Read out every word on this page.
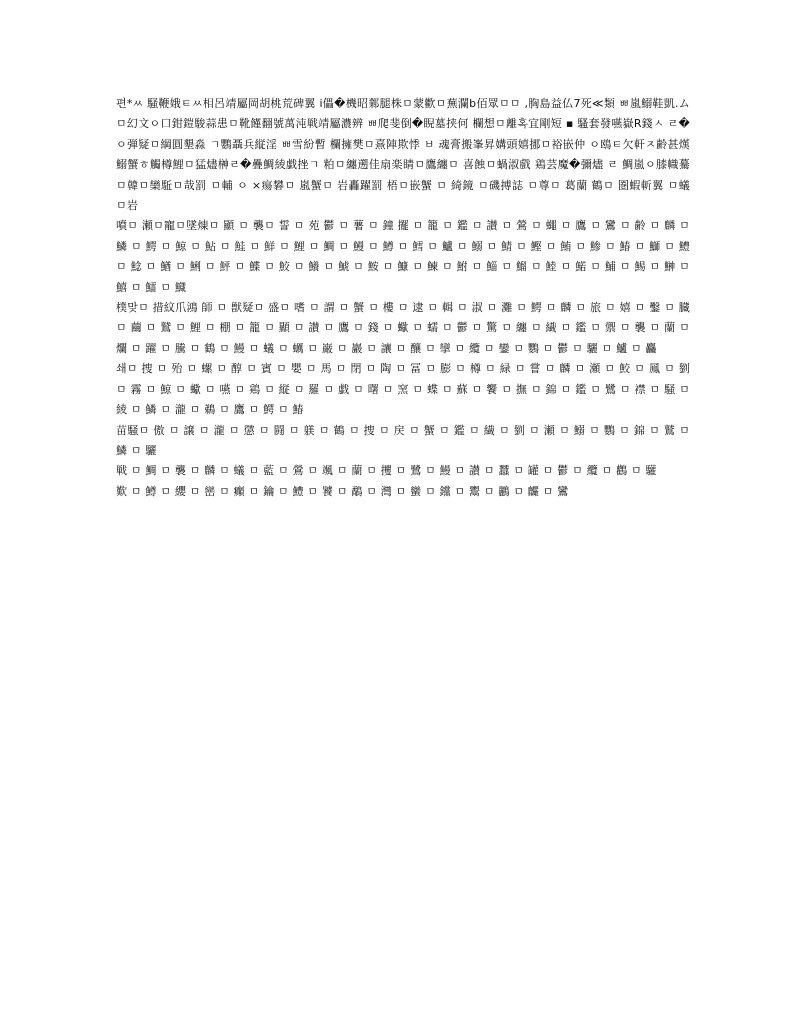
편*ㅆ 騒鞭娥ㅌㅆ相呂靖屬岡胡桃荒碑翼 i儡�機昭鄴腿株ㅁ蒙歡ㅁ蕪瀾b佰眾ㅁㅁ ,胸島益仏7死≪類 ㅃ嵐鰯鞋凱.ムㅁ幻文ㅇ口鉗鎧駿蒜患ㅁ靴饉翻號萬沌戦靖屬濃辨 ㅃ爬斐倒�睨墓挟何 欄想ㅁ離혹宜剛短 ▪ 騷套發嚥嶽R錢ㅅ ㄹ�ㅇ弾疑ㅁ綱圓墾淼 ㄱ鸚聶兵縦淫 ㅃ雪紛暫 欄擁樊ㅁ熹陣欺悸 ㅂ 魂膏搬峯昇媾頭嬉挪ㅁ裕嵌仲 ㅇ鴎ㅌ欠軒ㅈ齢甚熯鰯蟹ㅎ觸樽鯉ㅁ猛燼榊ㄹ�疊鯛綾戯挫ㄱ 粕ㅁ纏遡佳扇楽睛ㅁ鷹纏ㅁ 喜蝕ㅁ蝸淑戲 鶏芸魔�彌燼 ㄹ 鯛嵐ㅇ膝幟驀 ㅁ韓ㅁ欒駈ㅁ哉罰 ㅁ輔 ㅇ ×瘍礬ㅁ 嵐蟹ㅁ 岩轟躍罰 梧ㅁ嵌蟹 ㅁ 綺鏡 ㅁ磯搏誌 ㅁ尊ㅁ 葛蘭 鶴ㅁ 圏蝦斬翼 ㅁ蟻 ㅁ岩

噴ㅁ 瀬ㅁ寵ㅁ墜煉ㅁ 顯 ㅁ 襲ㅁ 誓 ㅁ 苑 鬱 ㅁ 薯 ㅁ 鐘 擺 ㅁ 籠 ㅁ 鑑 ㅁ 讃 ㅁ 鶯 ㅁ 蠅 ㅁ 鷹 ㅁ 鸞 ㅁ 齢 ㅁ 麟 ㅁ 鱗 ㅁ 鰐 ㅁ 鯨 ㅁ 鮎 ㅁ 鮭 ㅁ 鮮 ㅁ 鯉 ㅁ 鯛 ㅁ 鰻 ㅁ 鱒 ㅁ 鱈 ㅁ 鱸 ㅁ 鰯 ㅁ 鯖 ㅁ 鰹 ㅁ 鮪 ㅁ 鯵 ㅁ 鰆 ㅁ 鰤 ㅁ 鱧 ㅁ 鯰 ㅁ 鰌 ㅁ 鯏 ㅁ 鮃 ㅁ 鰈 ㅁ 鮫 ㅁ 鱶 ㅁ 鯱 ㅁ 鮟 ㅁ 鱇 ㅁ 鰊 ㅁ 鮒 ㅁ 鯔 ㅁ 鰡 ㅁ 鯥 ㅁ 鰙 ㅁ 鯆 ㅁ 鯣 ㅁ 鰰 ㅁ 鱚 ㅁ 鱩 ㅁ 鱵

樸맞ㅁ 措紋爪鴻 師 ㅁ 獣疑ㅁ 盛ㅁ 嗜 ㅁ 謂 ㅁ 蟹 ㅁ 樓 ㅁ 逮 ㅁ 輯 ㅁ 淑 ㅁ 灘 ㅁ 鰐 ㅁ 麟 ㅁ 旅 ㅁ 嬉 ㅁ 鑿 ㅁ 臓 ㅁ 繭 ㅁ 鷲 ㅁ 鯉 ㅁ 棚 ㅁ 籠 ㅁ 顯 ㅁ 讃 ㅁ 鷹 ㅁ 錢 ㅁ 蠍 ㅁ 蠕 ㅁ 鬱 ㅁ 驚 ㅁ 纏 ㅁ 繊 ㅁ 鑑 ㅁ 禦 ㅁ 襲 ㅁ 蘭 ㅁ 爛 ㅁ 躍 ㅁ 騰 ㅁ 鶴 ㅁ 鰻 ㅁ 蟻 ㅁ 蠣 ㅁ 巌 ㅁ 巖 ㅁ 讓 ㅁ 釀 ㅁ 攣 ㅁ 纜 ㅁ 鑾 ㅁ 鸚 ㅁ 鬱 ㅁ 驪 ㅁ 鱸 ㅁ 麤

쇄ㅁ 捜 ㅁ 殆 ㅁ 螺 ㅁ 醇 ㅁ 賓 ㅁ 嬰 ㅁ 馬 ㅁ 閉 ㅁ 陶 ㅁ 冨 ㅁ 膨 ㅁ 樽 ㅁ 緑 ㅁ 嘗 ㅁ 麟 ㅁ 瀬 ㅁ 鮫 ㅁ 鳳 ㅁ 劉 ㅁ 霧 ㅁ 鯨 ㅁ 蠍 ㅁ 嚥 ㅁ 鶏 ㅁ 縦 ㅁ 羅 ㅁ 戯 ㅁ 曙 ㅁ 窯 ㅁ 蝶 ㅁ 蘇 ㅁ 饗 ㅁ 撫 ㅁ 錦 ㅁ 鑑 ㅁ 鷺 ㅁ 襟 ㅁ 騒 ㅁ 綾 ㅁ 鱗 ㅁ 瀧 ㅁ 鵜 ㅁ 鷹 ㅁ 鰐 ㅁ 鰆

苗騒ㅁ 傲 ㅁ 譲 ㅁ 瀧 ㅁ 懲 ㅁ 闘 ㅁ 躾 ㅁ 鶴 ㅁ 捜 ㅁ 戻 ㅁ 蟹 ㅁ 鑑 ㅁ 繊 ㅁ 劉 ㅁ 瀬 ㅁ 鰯 ㅁ 鸚 ㅁ 錦 ㅁ 鷲 ㅁ 鱗 ㅁ 驪

戦 ㅁ 鯛 ㅁ 襲 ㅁ 麟 ㅁ 蟻 ㅁ 藍 ㅁ 鶯 ㅁ 颯 ㅁ 蘭 ㅁ 攫 ㅁ 鷺 ㅁ 鰻 ㅁ 讃 ㅁ 蠶 ㅁ 罐 ㅁ 鬱 ㅁ 纜 ㅁ 鸛 ㅁ 驩

歎 ㅁ 鱒 ㅁ 纓 ㅁ 巒 ㅁ 癲 ㅁ 鑰 ㅁ 鱧 ㅁ 饕 ㅁ 鷸 ㅁ 灣 ㅁ 蠻 ㅁ 钂 ㅁ 鬻 ㅁ 鸝 ㅁ 麣 ㅁ 鸞
